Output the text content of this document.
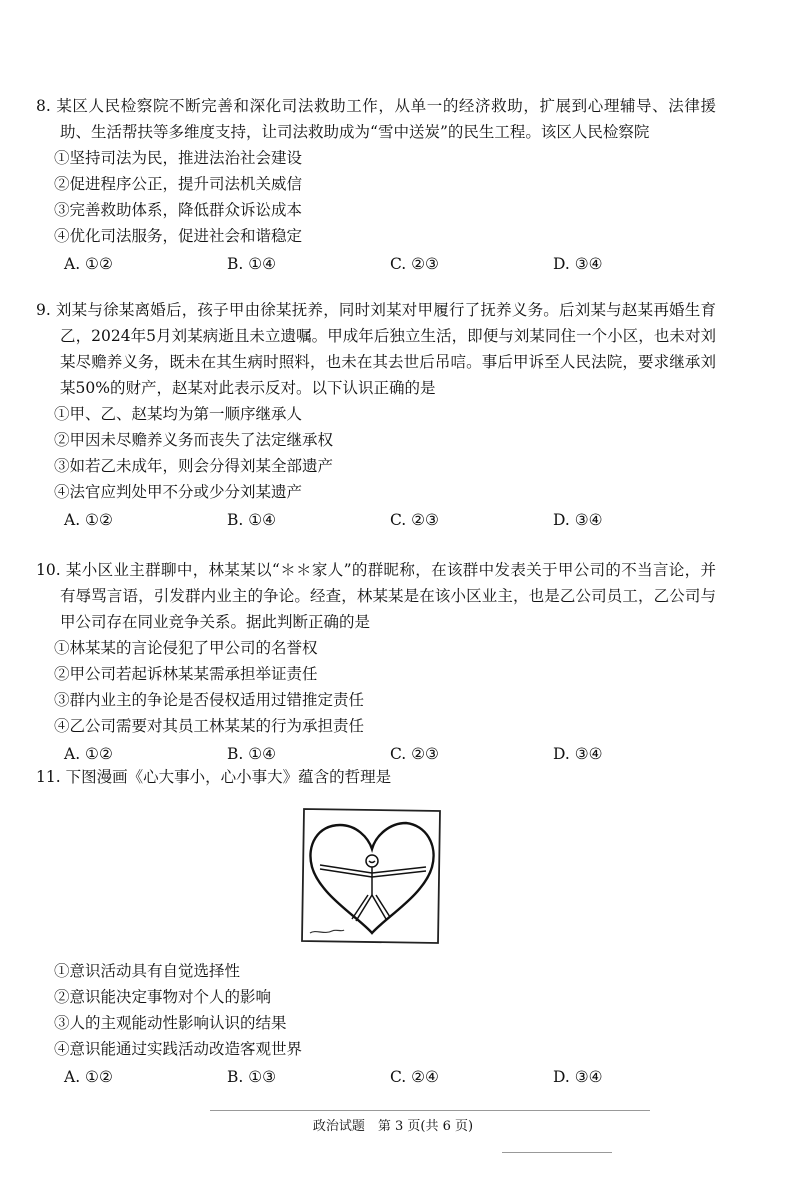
8. 某区人民检察院不断完善和深化司法救助工作，从单一的经济救助，扩展到心理辅导、法律援助、生活帮扶等多维度支持，让司法救助成为“雪中送炭”的民生工程。该区人民检察院
①坚持司法为民，推进法治社会建设
②促进程序公正，提升司法机关威信
③完善救助体系，降低群众诉讼成本
④优化司法服务，促进社会和谐稳定
A. ①②	B. ①④	C. ②③	D. ③④
9. 刘某与徐某离婚后，孩子甲由徐某抚养，同时刘某对甲履行了抚养义务。后刘某与赵某再婚生育乙，2024年5月刘某病逝且未立遗嘱。甲成年后独立生活，即便与刘某同住一个小区，也未对刘某尽赡养义务，既未在其生病时照料，也未在其去世后吊唁。事后甲诉至人民法院，要求继承刘某50%的财产，赵某对此表示反对。以下认识正确的是
①甲、乙、赵某均为第一顺序继承人
②甲因未尽赡养义务而丧失了法定继承权
③如若乙未成年，则会分得刘某全部遗产
④法官应判处甲不分或少分刘某遗产
A. ①②	B. ①④	C. ②③	D. ③④
10. 某小区业主群聊中，林某某以“＊＊家人”的群昵称，在该群中发表关于甲公司的不当言论，并有辱骂言语，引发群内业主的争论。经查，林某某是在该小区业主，也是乙公司员工，乙公司与甲公司存在同业竞争关系。据此判断正确的是
①林某某的言论侵犯了甲公司的名誉权
②甲公司若起诉林某某需承担举证责任
③群内业主的争论是否侵权适用过错推定责任
④乙公司需要对其员工林某某的行为承担责任
A. ①②	B. ①④	C. ②③	D. ③④
11. 下图漫画《心大事小，心小事大》蕴含的哲理是
①意识活动具有自觉选择性
②意识能决定事物对个人的影响
③人的主观能动性影响认识的结果
④意识能通过实践活动改造客观世界
A. ①②	B. ①③	C. ②④	D. ③④
政治试题　第 3 页(共 6 页)
